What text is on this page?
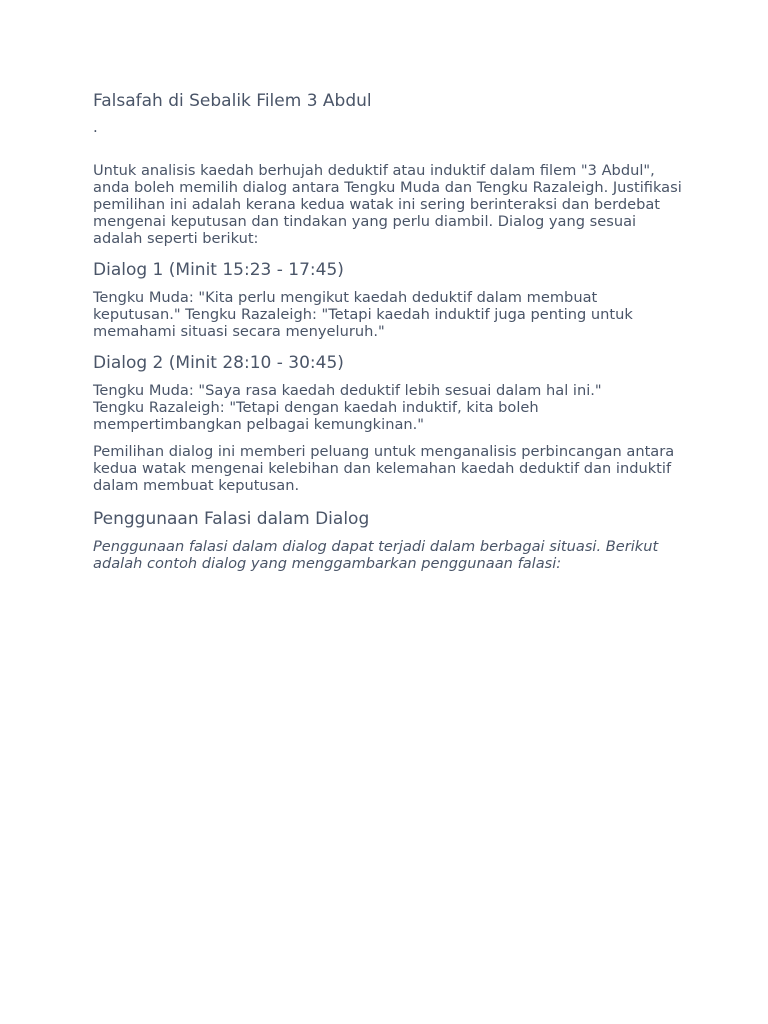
Falsafah di Sebalik Filem 3 Abdul
.

Untuk analisis kaedah berhujah deduktif atau induktif dalam filem "3 Abdul", anda boleh memilih dialog antara Tengku Muda dan Tengku Razaleigh. Justifikasi pemilihan ini adalah kerana kedua watak ini sering berinteraksi dan berdebat mengenai keputusan dan tindakan yang perlu diambil. Dialog yang sesuai adalah seperti berikut:

Dialog 1 (Minit 15:23 - 17:45)

Tengku Muda: "Kita perlu mengikut kaedah deduktif dalam membuat keputusan." Tengku Razaleigh: "Tetapi kaedah induktif juga penting untuk memahami situasi secara menyeluruh."

Dialog 2 (Minit 28:10 - 30:45)

Tengku Muda: "Saya rasa kaedah deduktif lebih sesuai dalam hal ini."

Tengku Razaleigh: "Tetapi dengan kaedah induktif, kita boleh mempertimbangkan pelbagai kemungkinan."

Pemilihan dialog ini memberi peluang untuk menganalisis perbincangan antara kedua watak mengenai kelebihan dan kelemahan kaedah deduktif dan induktif dalam membuat keputusan.

Penggunaan Falasi dalam Dialog

Penggunaan falasi dalam dialog dapat terjadi dalam berbagai situasi. Berikut adalah contoh dialog yang menggambarkan penggunaan falasi:
